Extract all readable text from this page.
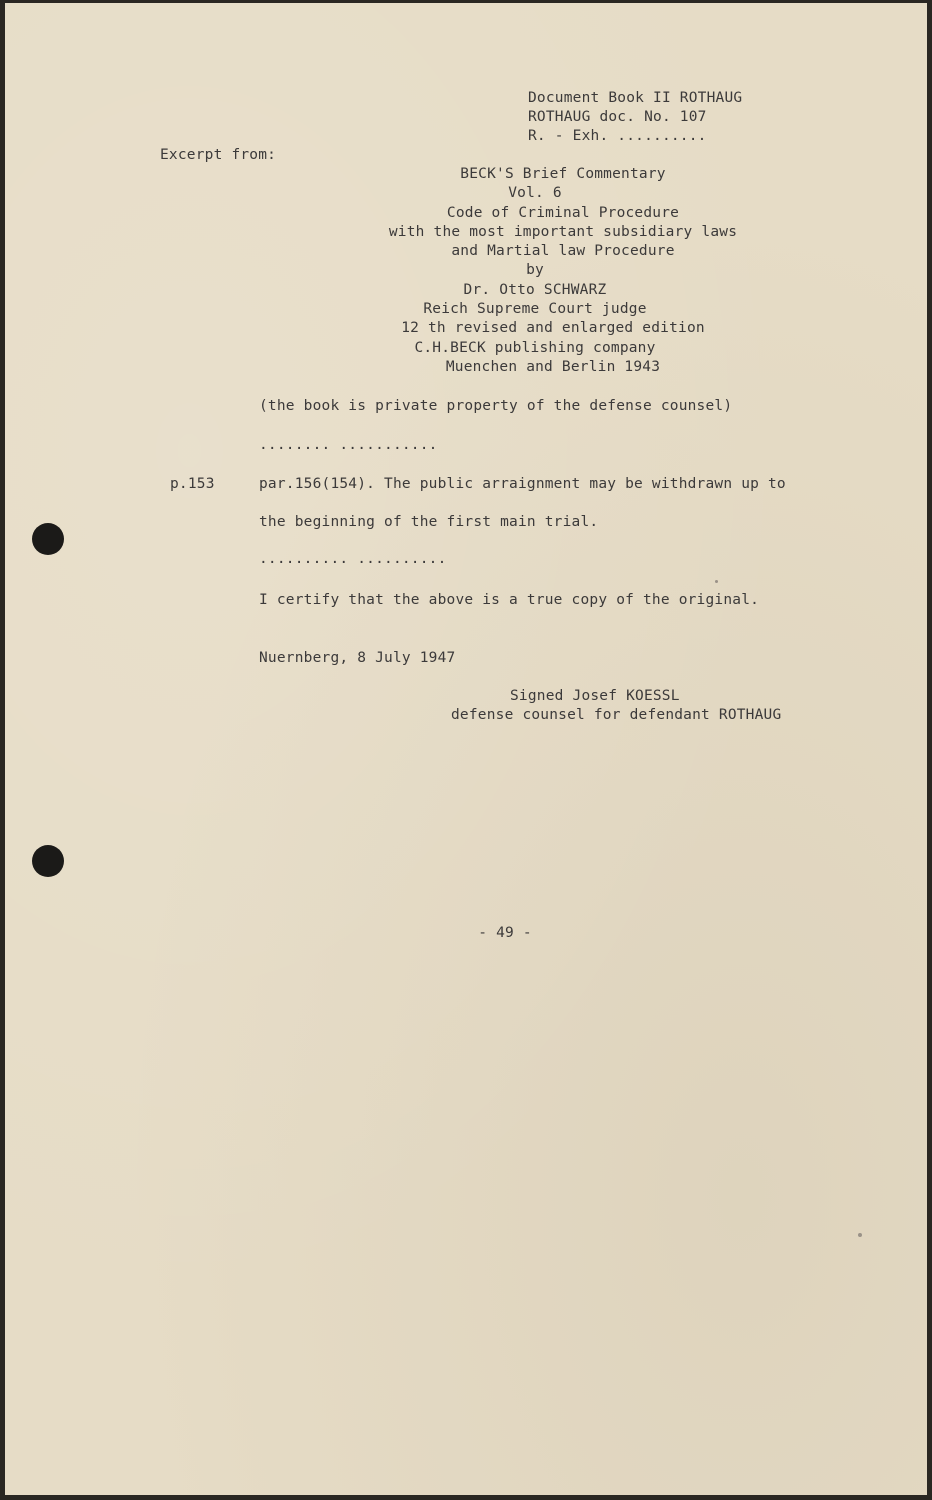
Document Book II ROTHAUG
ROTHAUG doc. No. 107
R. - Exh. ..........
Excerpt from:
BECK'S Brief Commentary
Vol. 6
Code of Criminal Procedure
with the most important subsidiary laws
and Martial law Procedure
by
Dr. Otto SCHWARZ
Reich Supreme Court judge
12 th revised and enlarged edition
C.H.BECK publishing company
Muenchen and Berlin 1943
(the book is private property of the defense counsel)
........ ...........
p.153	par.156(154). The public arraignment may be withdrawn up to
the beginning of the first main trial.
.......... ..........
I certify that the above is a true copy of the original.
Nuernberg, 8 July 1947
Signed Josef KOESSL
defense counsel for defendant ROTHAUG
- 49 -
